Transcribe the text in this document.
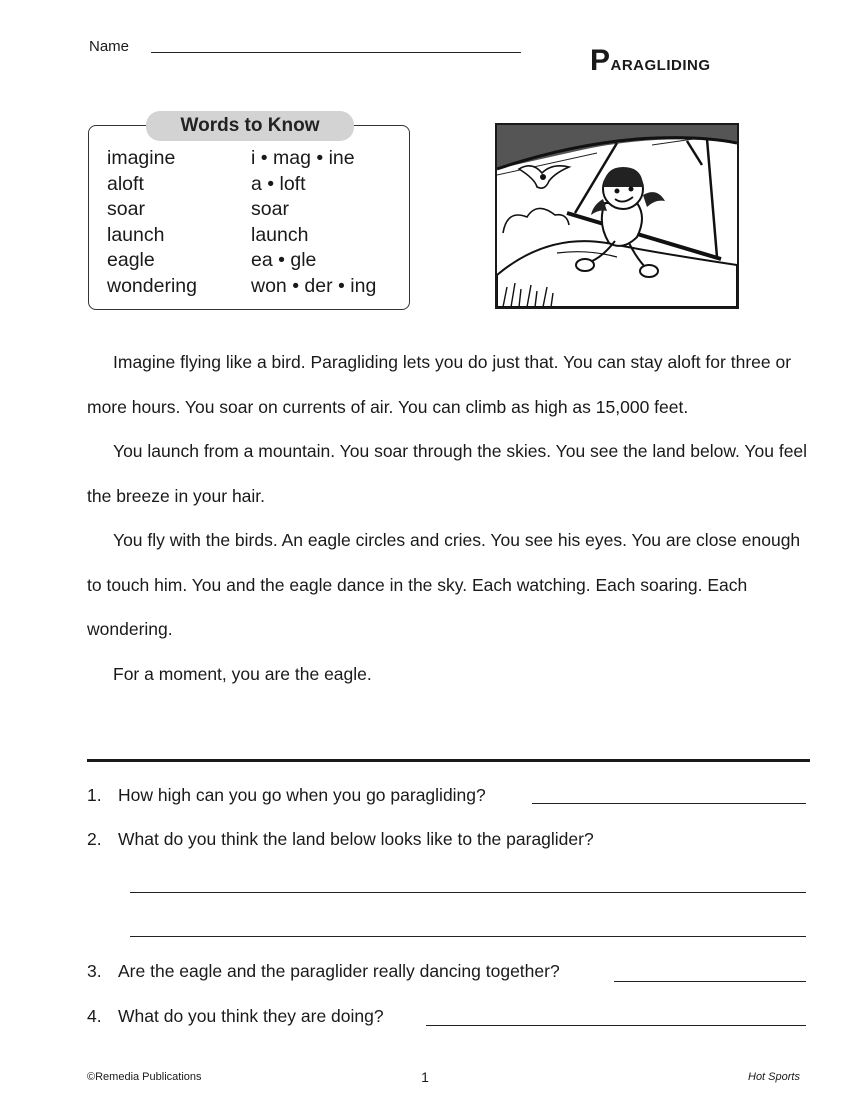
Name	Paragliding
Words to Know
imagine	i • mag • ine
aloft	a • loft
soar	soar
launch	launch
eagle	ea • gle
wondering	won • der • ing

Imagine flying like a bird. Paragliding lets you do just that. You can stay aloft for three or more hours. You soar on currents of air. You can climb as high as 15,000 feet.

You launch from a mountain. You soar through the skies. You see the land below. You feel the breeze in your hair.

You fly with the birds. An eagle circles and cries. You see his eyes. You are close enough to touch him. You and the eagle dance in the sky. Each watching. Each soaring. Each wondering.

For a moment, you are the eagle.

1. How high can you go when you go paragliding?
2. What do you think the land below looks like to the paraglider?
3. Are the eagle and the paraglider really dancing together?
4. What do you think they are doing?
©Remedia Publications	1	Hot Sports
